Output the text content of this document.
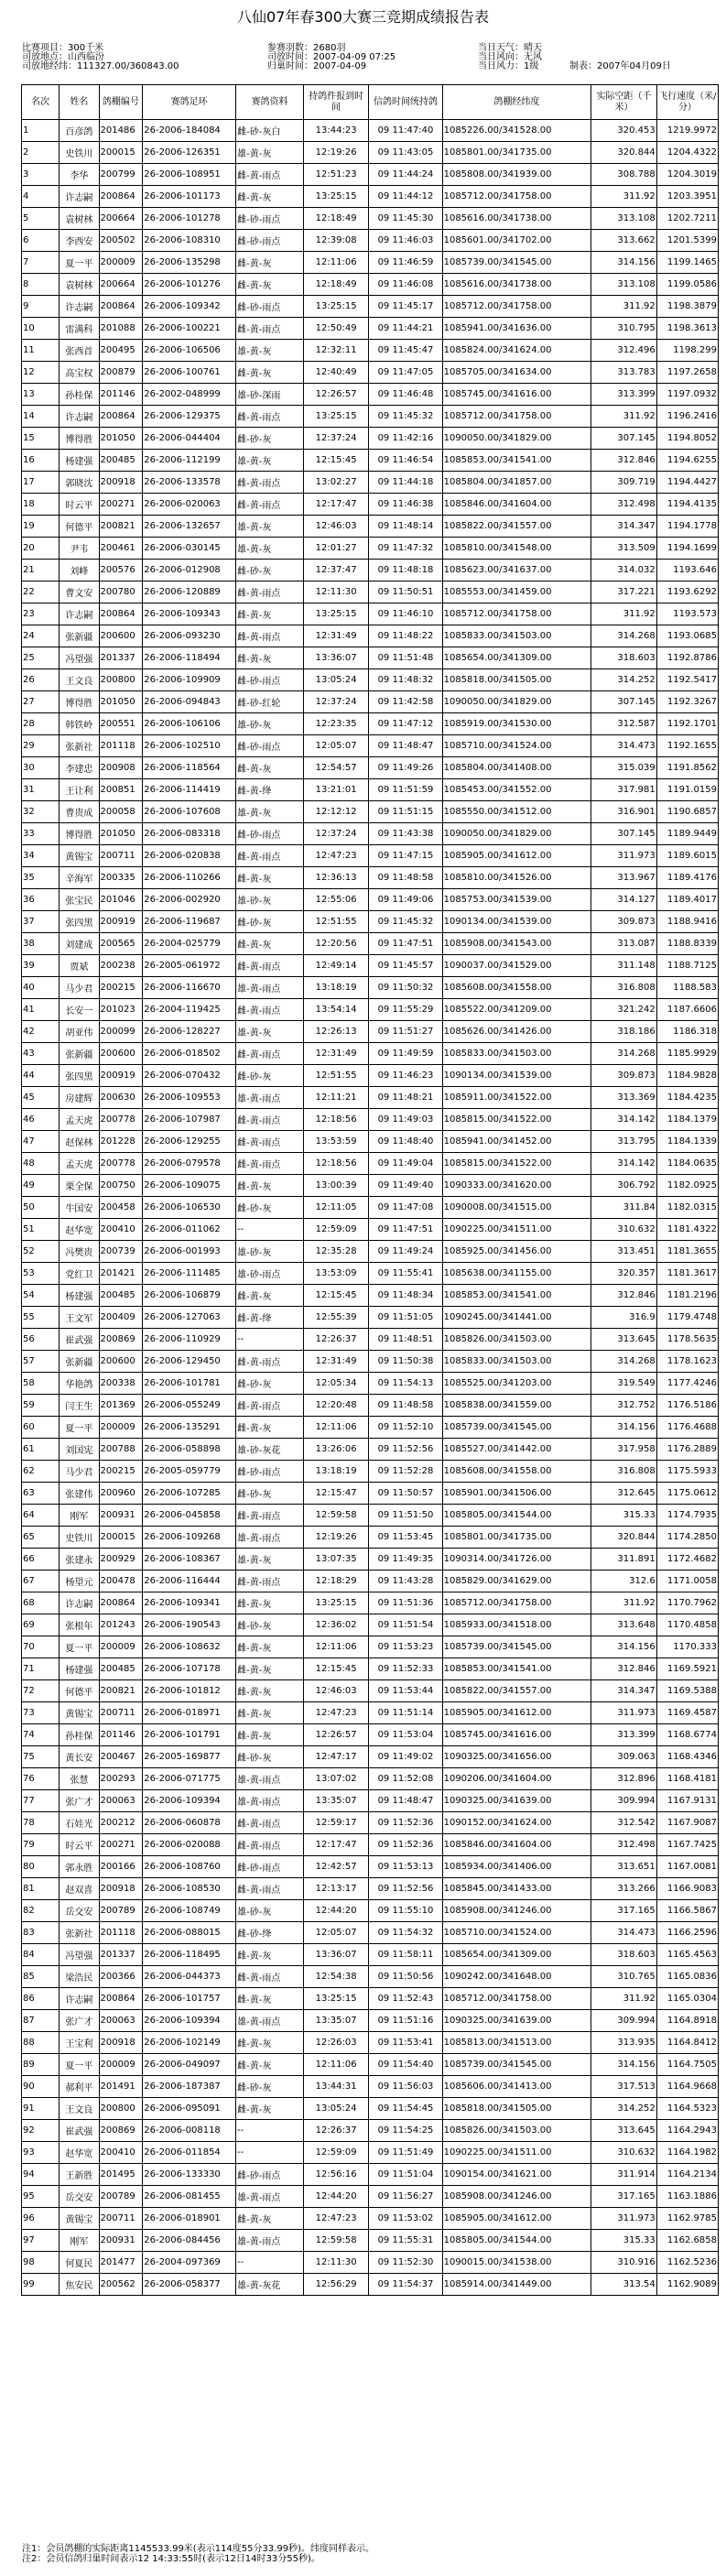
八仙07年春300大赛三竞期成绩报告表
比赛项目：300千米	参赛羽数：2680羽	当日天气：晴天
司放地点：山西临汾	司放时间：2007-04-09 07:25	当日风向：无风
司放地经纬：111327.00/360843.00	归巢时间：2007-04-09	当日风力：1级	制表：2007年04月09日
名次	姓名	鸽棚编号	赛鸽足环	赛鸽资料	持鸽件报到时间	信鸽时间统持鸽	鸽棚经纬度	实际空距（千米）	飞行速度（米/分）
1	百彦鸽	201486	26-2006-184084	雌-砂-灰白	13:44:23	09 11:47:40	1085226.00/341528.00	320.453	1219.9972
2	史铁川	200015	26-2006-126351	雄-黄-灰	12:19:26	09 11:43:05	1085801.00/341735.00	320.844	1204.4322
3	李华	200799	26-2006-108951	雌-黄-雨点	12:51:23	09 11:44:24	1085808.00/341939.00	308.788	1204.3019
4	许志嗣	200864	26-2006-101173	雌-黄-灰	13:25:15	09 11:44:12	1085712.00/341758.00	311.92	1203.3951
5	袁树林	200664	26-2006-101278	雌-砂-雨点	12:18:49	09 11:45:30	1085616.00/341738.00	313.108	1202.7211
6	李西安	200502	26-2006-108310	雌-砂-雨点	12:39:08	09 11:46:03	1085601.00/341702.00	313.662	1201.5399
7	夏一平	200009	26-2006-135298	雌-黄-灰	12:11:06	09 11:46:59	1085739.00/341545.00	314.156	1199.1465
8	袁树林	200664	26-2006-101276	雌-黄-灰	12:18:49	09 11:46:08	1085616.00/341738.00	313.108	1199.0586
9	许志嗣	200864	26-2006-109342	雌-砂-雨点	13:25:15	09 11:45:17	1085712.00/341758.00	311.92	1198.3879
10	雷满科	201088	26-2006-100221	雌-黄-雨点	12:50:49	09 11:44:21	1085941.00/341636.00	310.795	1198.3613
11	张西首	200495	26-2006-106506	雄-黄-灰	12:32:11	09 11:45:47	1085824.00/341624.00	312.496	1198.299
12	高宝权	200879	26-2006-100761	雌-黄-灰	12:40:49	09 11:47:05	1085705.00/341634.00	313.783	1197.2658
13	孙桂保	201146	26-2002-048999	雄-砂-深雨	12:26:57	09 11:46:48	1085745.00/341616.00	313.399	1197.0932
14	许志嗣	200864	26-2006-129375	雌-黄-雨点	13:25:15	09 11:45:32	1085712.00/341758.00	311.92	1196.2416
15	博得胜	201050	26-2006-044404	雌-砂-灰	12:37:24	09 11:42:16	1090050.00/341829.00	307.145	1194.8052
16	杨建强	200485	26-2006-112199	雄-黄-灰	12:15:45	09 11:46:54	1085853.00/341541.00	312.846	1194.6255
17	郭晓沈	200918	26-2006-133578	雌-黄-雨点	13:02:27	09 11:44:18	1085804.00/341857.00	309.719	1194.4427
18	时云平	200271	26-2006-020063	雌-黄-雨点	12:17:47	09 11:46:38	1085846.00/341604.00	312.498	1194.4135
19	何德平	200821	26-2006-132657	雄-黄-灰	12:46:03	09 11:48:14	1085822.00/341557.00	314.347	1194.1778
20	尹韦	200461	26-2006-030145	雄-黄-灰	12:01:27	09 11:47:32	1085810.00/341548.00	313.509	1194.1699
21	刘峰	200576	26-2006-012908	雌-砂-灰	12:37:47	09 11:48:18	1085623.00/341637.00	314.032	1193.646
22	曹文安	200780	26-2006-120889	雌-黄-雨点	12:11:30	09 11:50:51	1085553.00/341459.00	317.221	1193.6292
23	许志嗣	200864	26-2006-109343	雌-黄-灰	13:25:15	09 11:46:10	1085712.00/341758.00	311.92	1193.573
24	张新疆	200600	26-2006-093230	雌-黄-雨点	12:31:49	09 11:48:22	1085833.00/341503.00	314.268	1193.0685
25	冯望强	201337	26-2006-118494	雌-黄-灰	13:36:07	09 11:51:48	1085654.00/341309.00	318.603	1192.8786
26	王文良	200800	26-2006-109909	雌-砂-雨点	13:05:24	09 11:48:32	1085818.00/341505.00	314.252	1192.5417
27	博得胜	201050	26-2006-094843	雌-砂-红轮	12:37:24	09 11:42:58	1090050.00/341829.00	307.145	1192.3267
28	韩铁岭	200551	26-2006-106106	雄-砂-灰	12:23:35	09 11:47:12	1085919.00/341530.00	312.587	1192.1701
29	张新社	201118	26-2006-102510	雌-砂-雨点	12:05:07	09 11:48:47	1085710.00/341524.00	314.473	1192.1655
30	李建忠	200908	26-2006-118564	雌-黄-灰	12:54:57	09 11:49:26	1085804.00/341408.00	315.039	1191.8562
31	王让利	200851	26-2006-114419	雌-黄-绛	13:21:01	09 11:51:59	1085453.00/341552.00	317.981	1191.0159
32	曹贵成	200058	26-2006-107608	雄-黄-灰	12:12:12	09 11:51:15	1085550.00/341512.00	316.901	1190.6857
33	博得胜	201050	26-2006-083318	雌-砂-雨点	12:37:24	09 11:43:38	1090050.00/341829.00	307.145	1189.9449
34	黄锡宝	200711	26-2006-020838	雌-黄-雨点	12:47:23	09 11:47:15	1085905.00/341612.00	311.973	1189.6015
35	辛海军	200335	26-2006-110266	雌-黄-灰	12:36:13	09 11:48:58	1085810.00/341526.00	313.967	1189.4176
36	张宝民	201046	26-2006-002920	雄-砂-灰	12:55:06	09 11:49:06	1085753.00/341539.00	314.127	1189.4017
37	张四黑	200919	26-2006-119687	雌-砂-灰	12:51:55	09 11:45:32	1090134.00/341539.00	309.873	1188.9416
38	刘建成	200565	26-2004-025779	雌-黄-灰	12:20:56	09 11:47:51	1085908.00/341543.00	313.087	1188.8339
39	贾斌	200238	26-2005-061972	雌-黄-雨点	12:49:14	09 11:45:57	1090037.00/341529.00	311.148	1188.7125
40	马少君	200215	26-2006-116670	雄-黄-雨点	13:18:19	09 11:50:32	1085608.00/341558.00	316.808	1188.583
41	长安一	201023	26-2004-119425	雌-黄-雨点	13:54:14	09 11:55:29	1085522.00/341209.00	321.242	1187.6606
42	胡亚伟	200099	26-2006-128227	雄-黄-灰	12:26:13	09 11:51:27	1085626.00/341426.00	318.186	1186.318
43	张新疆	200600	26-2006-018502	雌-黄-雨点	12:31:49	09 11:49:59	1085833.00/341503.00	314.268	1185.9929
44	张四黑	200919	26-2006-070432	雌-砂-灰	12:51:55	09 11:46:23	1090134.00/341539.00	309.873	1184.9828
45	房建辉	200630	26-2006-109553	雄-黄-雨点	12:11:21	09 11:48:21	1085911.00/341522.00	313.369	1184.4235
46	孟天虎	200778	26-2006-107987	雌-黄-雨点	12:18:56	09 11:49:03	1085815.00/341522.00	314.142	1184.1379
47	赵保林	201228	26-2006-129255	雌-黄-雨点	13:53:59	09 11:48:40	1085941.00/341452.00	313.795	1184.1339
48	孟天虎	200778	26-2006-079578	雌-黄-雨点	12:18:56	09 11:49:04	1085815.00/341522.00	314.142	1184.0635
49	栗全保	200750	26-2006-109075	雌-黄-灰	13:00:39	09 11:49:40	1090333.00/341620.00	306.792	1182.0925
50	牛国安	200458	26-2006-106530	雌-砂-灰	12:11:05	09 11:47:08	1090008.00/341515.00	311.84	1182.0315
51	赵华宽	200410	26-2006-011062	--	12:59:09	09 11:47:51	1090225.00/341511.00	310.632	1181.4322
52	冯樊贵	200739	26-2006-001993	雄-砂-灰	12:35:28	09 11:49:24	1085925.00/341456.00	313.451	1181.3655
53	党红卫	201421	26-2006-111485	雄-砂-雨点	13:53:09	09 11:55:41	1085638.00/341155.00	320.357	1181.3617
54	杨建强	200485	26-2006-106879	雌-黄-灰	12:15:45	09 11:48:34	1085853.00/341541.00	312.846	1181.2196
55	王文军	200409	26-2006-127063	雌-黄-绛	12:55:39	09 11:51:05	1090245.00/341441.00	316.9	1179.4748
56	崔武强	200869	26-2006-110929	--	12:26:37	09 11:48:51	1085826.00/341503.00	313.645	1178.5635
57	张新疆	200600	26-2006-129450	雌-黄-雨点	12:31:49	09 11:50:38	1085833.00/341503.00	314.268	1178.1623
58	华艳鸽	200338	26-2006-101781	雌-砂-灰	12:05:34	09 11:54:13	1085525.00/341203.00	319.549	1177.4246
59	闫王生	201369	26-2006-055249	雌-黄-雨点	12:20:48	09 11:48:58	1085838.00/341559.00	312.752	1176.5186
60	夏一平	200009	26-2006-135291	雌-黄-灰	12:11:06	09 11:52:10	1085739.00/341545.00	314.156	1176.4688
61	刘国宪	200788	26-2006-058898	雄-砂-灰花	13:26:06	09 11:52:56	1085527.00/341442.00	317.958	1176.2889
62	马少君	200215	26-2005-059779	雌-砂-雨点	13:18:19	09 11:52:28	1085608.00/341558.00	316.808	1175.5933
63	张建伟	200960	26-2006-107285	雌-砂-灰	12:15:47	09 11:50:57	1085901.00/341506.00	312.645	1175.0612
64	刚军	200931	26-2006-045858	雌-黄-雨点	12:59:58	09 11:51:50	1085805.00/341544.00	315.33	1174.7935
65	史铁川	200015	26-2006-109268	雄-黄-雨点	12:19:26	09 11:53:45	1085801.00/341735.00	320.844	1174.2850
66	张建永	200929	26-2006-108367	雄-黄-灰	13:07:35	09 11:49:35	1090314.00/341726.00	311.891	1172.4682
67	杨望元	200478	26-2006-116444	雌-黄-雨点	12:18:29	09 11:43:28	1085829.00/341629.00	312.6	1171.0058
68	许志嗣	200864	26-2006-109341	雌-黄-灰	13:25:15	09 11:51:36	1085712.00/341758.00	311.92	1170.7962
69	张根年	201243	26-2006-190543	雌-砂-灰	12:36:02	09 11:51:54	1085933.00/341518.00	313.648	1170.4858
70	夏一平	200009	26-2006-108632	雌-黄-灰	12:11:06	09 11:53:23	1085739.00/341545.00	314.156	1170.333
71	杨建强	200485	26-2006-107178	雌-黄-灰	12:15:45	09 11:52:33	1085853.00/341541.00	312.846	1169.5921
72	何德平	200821	26-2006-101812	雌-黄-灰	12:46:03	09 11:53:44	1085822.00/341557.00	314.347	1169.5388
73	黄锡宝	200711	26-2006-018971	雌-黄-灰	12:47:23	09 11:51:14	1085905.00/341612.00	311.973	1169.4587
74	孙桂保	201146	26-2006-101791	雌-黄-灰	12:26:57	09 11:53:04	1085745.00/341616.00	313.399	1168.6774
75	黄长安	200467	26-2005-169877	雌-砂-灰	12:47:17	09 11:49:02	1090325.00/341656.00	309.063	1168.4346
76	张慧	200293	26-2006-071775	雄-黄-雨点	13:07:02	09 11:52:08	1090206.00/341604.00	312.896	1168.4181
77	张广才	200063	26-2006-109394	雄-黄-雨点	13:35:07	09 11:48:47	1090325.00/341639.00	309.994	1167.9131
78	石娃光	200212	26-2006-060878	雌-黄-雨点	12:59:17	09 11:52:36	1090152.00/341624.00	312.542	1167.9087
79	时云平	200271	26-2006-020088	雌-黄-雨点	12:17:47	09 11:52:36	1085846.00/341604.00	312.498	1167.7425
80	郭永胜	200166	26-2006-108760	雌-砂-雨点	12:42:57	09 11:53:13	1085934.00/341406.00	313.651	1167.0081
81	赵双喜	200918	26-2006-108530	雌-黄-雨点	12:13:17	09 11:52:56	1085845.00/341433.00	313.266	1166.9083
82	岳交安	200789	26-2006-108749	雄-砂-灰	12:44:20	09 11:55:10	1085908.00/341246.00	317.165	1166.5867
83	张新社	201118	26-2006-088015	雌-砂-绛	12:05:07	09 11:54:32	1085710.00/341524.00	314.473	1166.2596
84	冯望强	201337	26-2006-118495	雌-黄-灰	13:36:07	09 11:58:11	1085654.00/341309.00	318.603	1165.4563
85	梁浩民	200366	26-2006-044373	雌-黄-雨点	12:54:38	09 11:50:56	1090242.00/341648.00	310.765	1165.0836
86	许志嗣	200864	26-2006-101757	雌-黄-灰	13:25:15	09 11:52:43	1085712.00/341758.00	311.92	1165.0304
87	张广才	200063	26-2006-109394	雄-黄-雨点	13:35:07	09 11:51:16	1090325.00/341639.00	309.994	1164.8918
88	王宝利	200918	26-2006-102149	雌-黄-灰	12:26:03	09 11:53:41	1085813.00/341513.00	313.935	1164.8412
89	夏一平	200009	26-2006-049097	雌-黄-灰	12:11:06	09 11:54:40	1085739.00/341545.00	314.156	1164.7505
90	郝利平	201491	26-2006-187387	雌-砂-灰	13:44:31	09 11:56:03	1085606.00/341413.00	317.513	1164.9668
91	王文良	200800	26-2006-095091	雌-黄-灰	13:05:24	09 11:54:45	1085818.00/341505.00	314.252	1164.5323
92	崔武强	200869	26-2006-008118	--	12:26:37	09 11:54:25	1085826.00/341503.00	313.645	1164.2943
93	赵华宽	200410	26-2006-011854	--	12:59:09	09 11:51:49	1090225.00/341511.00	310.632	1164.1982
94	王新胜	201495	26-2006-133330	雌-砂-雨点	12:56:16	09 11:51:04	1090154.00/341621.00	311.914	1164.2134
95	岳交安	200789	26-2006-081455	雄-黄-雨点	12:44:20	09 11:56:27	1085908.00/341246.00	317.165	1163.1886
96	黄锡宝	200711	26-2006-018901	雌-黄-灰	12:47:23	09 11:53:02	1085905.00/341612.00	311.973	1162.9785
97	刚军	200931	26-2006-084456	雄-黄-雨点	12:59:58	09 11:55:31	1085805.00/341544.00	315.33	1162.6858
98	何夏民	201477	26-2004-097369	--	12:11:30	09 11:52:30	1090015.00/341538.00	310.916	1162.5236
99	焦安民	200562	26-2006-058377	雄-黄-灰花	12:56:29	09 11:54:37	1085914.00/341449.00	313.54	1162.9089
注1：会员鸽棚的实际距离1145533.99米(表示114度55分33.99秒)。纬度同样表示。
注2：会员信鸽归巢时间表示12 14:33:55时(表示12日14时33分55秒)。
